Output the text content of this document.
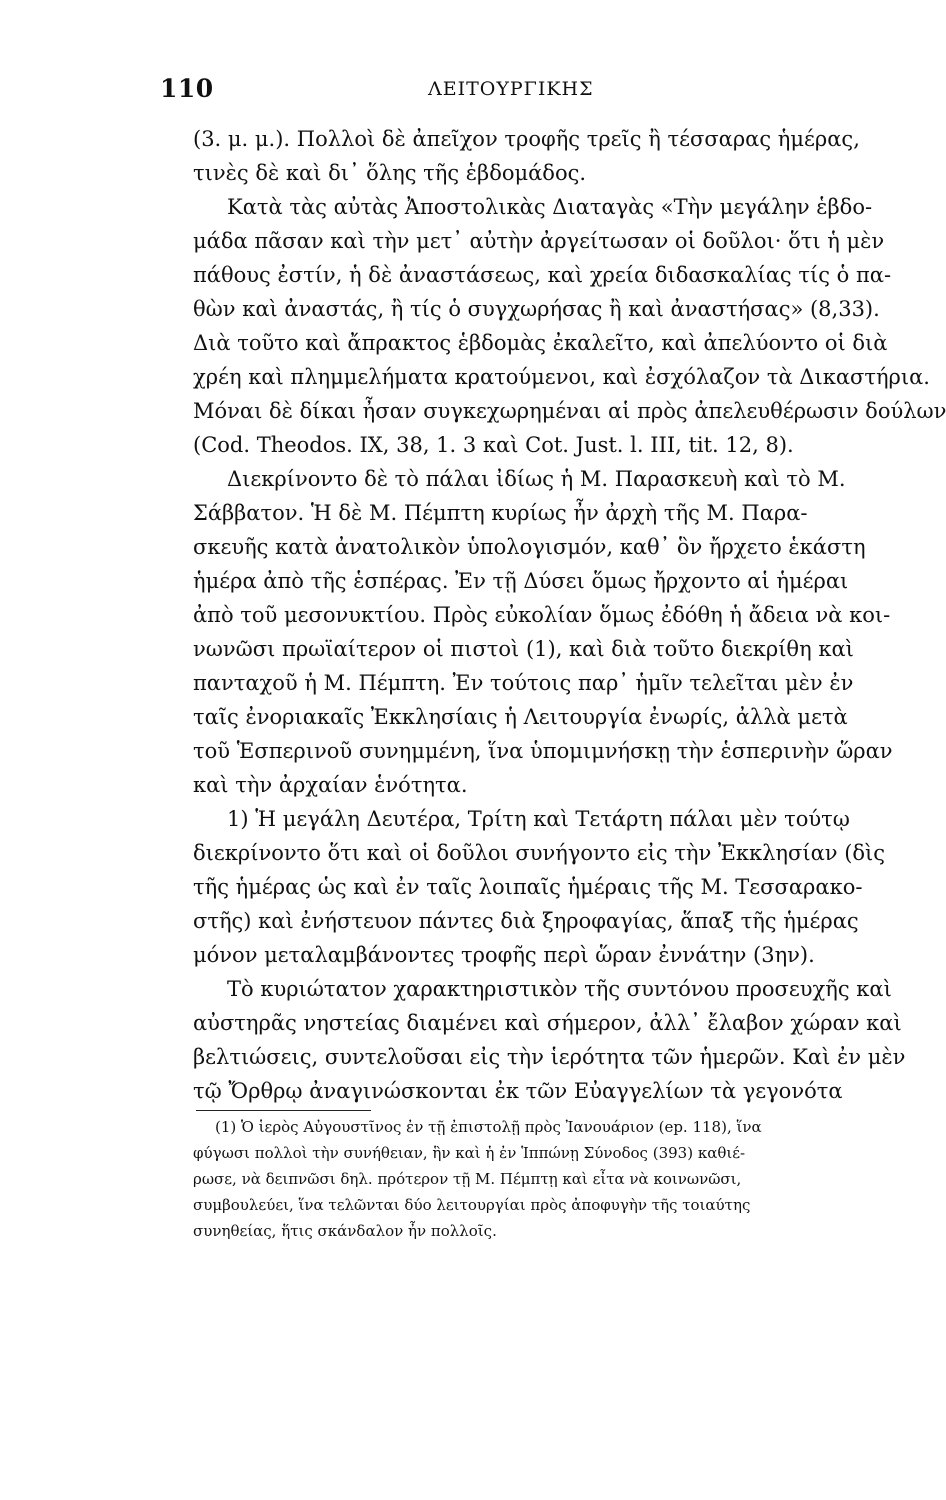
110	ΛΕΙΤΟΥΡΓΙΚΗΣ
(3. μ. μ.). Πολλοὶ δὲ ἀπεῖχον τροφῆς τρεῖς ἢ τέσσαρας ἡμέρας,
τινὲς δὲ καὶ δι᾽ ὅλης τῆς ἑβδομάδος.
Κατὰ τὰς αὐτὰς Ἀποστολικὰς Διαταγὰς «Τὴν μεγάλην ἑβδο-
μάδα πᾶσαν καὶ τὴν μετ᾽ αὐτὴν ἀργείτωσαν οἱ δοῦλοι· ὅτι ἡ μὲν
πάθους ἐστίν, ἡ δὲ ἀναστάσεως, καὶ χρεία διδασκαλίας τίς ὁ πα-
θὼν καὶ ἀναστάς, ἢ τίς ὁ συγχωρήσας ἢ καὶ ἀναστήσας» (8,33).
Διὰ τοῦτο καὶ ἄπρακτος ἑβδομὰς ἐκαλεῖτο, καὶ ἀπελύοντο οἱ διὰ
χρέη καὶ πλημμελήματα κρατούμενοι, καὶ ἐσχόλαζον τὰ Δικαστήρια.
Μόναι δὲ δίκαι ἦσαν συγκεχωρημέναι αἱ πρὸς ἀπελευθέρωσιν δούλων
(Cod. Theodos. IX, 38, 1. 3 καὶ Cot. Just. l. III, tit. 12, 8).
Διεκρίνοντο δὲ τὸ πάλαι ἰδίως ἡ Μ. Παρασκευὴ καὶ τὸ Μ.
Σάββατον. Ἡ δὲ Μ. Πέμπτη κυρίως ἦν ἀρχὴ τῆς Μ. Παρα-
σκευῆς κατὰ ἀνατολικὸν ὑπολογισμόν, καθ᾽ ὃν ἤρχετο ἑκάστη
ἡμέρα ἀπὸ τῆς ἑσπέρας. Ἐν τῇ Δύσει ὅμως ἤρχοντο αἱ ἡμέραι
ἀπὸ τοῦ μεσονυκτίου. Πρὸς εὐκολίαν ὅμως ἐδόθη ἡ ἄδεια νὰ κοι-
νωνῶσι πρωϊαίτερον οἱ πιστοὶ (1), καὶ διὰ τοῦτο διεκρίθη καὶ
πανταχοῦ ἡ Μ. Πέμπτη. Ἐν τούτοις παρ᾽ ἡμῖν τελεῖται μὲν ἐν
ταῖς ἐνοριακαῖς Ἐκκλησίαις ἡ Λειτουργία ἐνωρίς, ἀλλὰ μετὰ
τοῦ Ἑσπερινοῦ συνημμένη, ἵνα ὑπομιμνήσκῃ τὴν ἑσπερινὴν ὥραν
καὶ τὴν ἀρχαίαν ἑνότητα.
1) Ἡ μεγάλη Δευτέρα, Τρίτη καὶ Τετάρτη πάλαι μὲν τούτῳ
διεκρίνοντο ὅτι καὶ οἱ δοῦλοι συνήγοντο εἰς τὴν Ἐκκλησίαν (δὶς
τῆς ἡμέρας ὡς καὶ ἐν ταῖς λοιπαῖς ἡμέραις τῆς Μ. Τεσσαρακο-
στῆς) καὶ ἐνήστευον πάντες διὰ ξηροφαγίας, ἅπαξ τῆς ἡμέρας
μόνον μεταλαμβάνοντες τροφῆς περὶ ὥραν ἐννάτην (3ην).
Τὸ κυριώτατον χαρακτηριστικὸν τῆς συντόνου προσευχῆς καὶ
αὐστηρᾶς νηστείας διαμένει καὶ σήμερον, ἀλλ᾽ ἔλαβον χώραν καὶ
βελτιώσεις, συντελοῦσαι εἰς τὴν ἱερότητα τῶν ἡμερῶν. Καὶ ἐν μὲν
τῷ Ὄρθρῳ ἀναγινώσκονται ἐκ τῶν Εὐαγγελίων τὰ γεγονότα
(1) Ὁ ἱερὸς Αὐγουστῖνος ἐν τῇ ἐπιστολῇ πρὸς Ἰανουάριον (ep. 118), ἵνα
φύγωσι πολλοὶ τὴν συνήθειαν, ἣν καὶ ἡ ἐν Ἱππώνῃ Σύνοδος (393) καθιέ-
ρωσε, νὰ δειπνῶσι δηλ. πρότερον τῇ Μ. Πέμπτῃ καὶ εἶτα νὰ κοινωνῶσι,
συμβουλεύει, ἵνα τελῶνται δύο λειτουργίαι πρὸς ἀποφυγὴν τῆς τοιαύτης
συνηθείας, ἥτις σκάνδαλον ἦν πολλοῖς.
